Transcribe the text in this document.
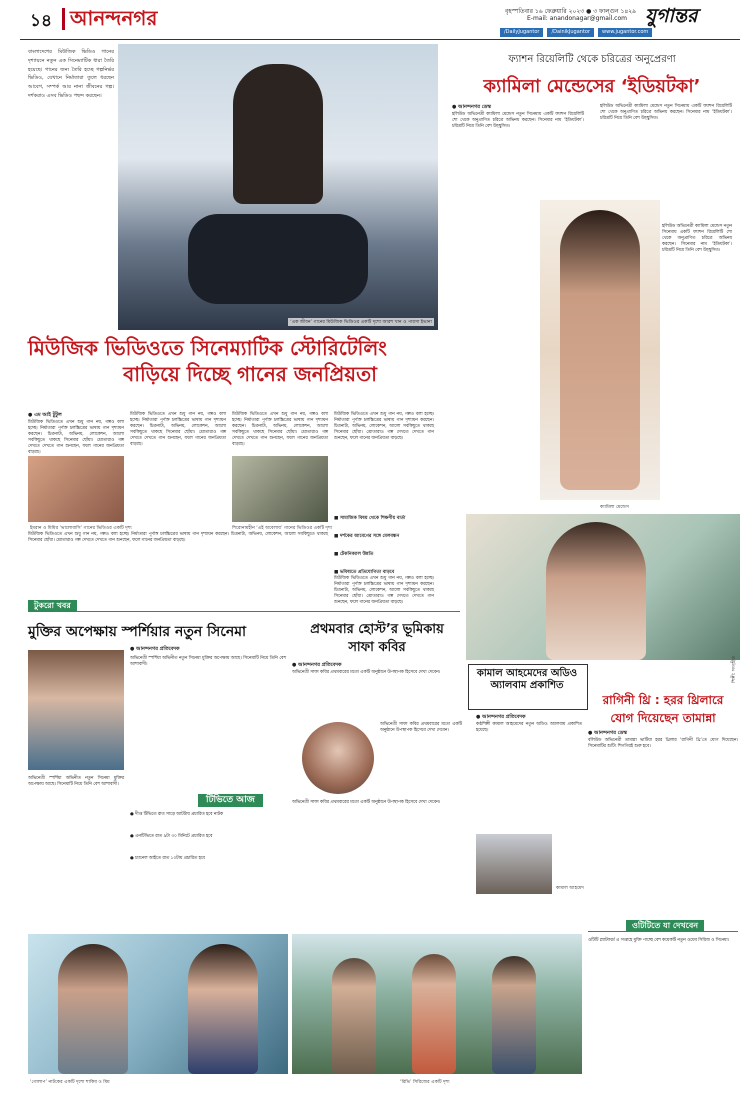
১৪ আনন্দনগর	বৃহস্পতিবার ১৬ ফেব্রুয়ারি ২০২৩ ● ৩ ফাল্গুন ১৪২৯
E-mail: anandonagar@gmail.com যুগান্তর
/DailyJugantor	/DainikJugantor	www.jugantor.com
বাংলাদেশের মিউজিক ভিডিও গানের দৃশ্যায়নে নতুন এক সিনেম্যাটিক ধারা তৈরি হয়েছে। গানের জন্য তৈরি হচ্ছে গল্পনির্ভর ভিডিও, যেখানে নির্মাতারা তুলে ধরছেন আবেগ, সম্পর্ক আর নানা জীবনের গল্প। দর্শকরাও এসব ভিডিও পছন্দ করছেন।
‘এক জীবন’ গানের মিউজিক ভিডিওর একটি দৃশ্যে আরশ খান ও পারসা ইভানা
মিউজিক ভিডিওতে সিনেম্যাটিক স্টোরিটেলিং
বাড়িয়ে দিচ্ছে গানের জনপ্রিয়তা
● এম আই টুটুল
মিউজিক ভিডিওতে এখন শুধু গান নয়, গল্পও বলা হচ্ছে। নির্মাতারা পূর্ণাঙ্গ চলচ্চিত্রের ভাষায় গান দৃশ্যায়ন করছেন। চিত্রনাট্য, অভিনয়, লোকেশন, আলো সবকিছুতে থাকছে সিনেমার ছোঁয়া। শ্রোতারাও গল্প দেখতে দেখতে গান শুনছেন, ফলে গানের জনপ্রিয়তা বাড়ছে।
মিউজিক ভিডিওতে এখন শুধু গান নয়, গল্পও বলা হচ্ছে। নির্মাতারা পূর্ণাঙ্গ চলচ্চিত্রের ভাষায় গান দৃশ্যায়ন করছেন। চিত্রনাট্য, অভিনয়, লোকেশন, আলো সবকিছুতে থাকছে সিনেমার ছোঁয়া। শ্রোতারাও গল্প দেখতে দেখতে গান শুনছেন, ফলে গানের জনপ্রিয়তা বাড়ছে।
মিউজিক ভিডিওতে এখন শুধু গান নয়, গল্পও বলা হচ্ছে। নির্মাতারা পূর্ণাঙ্গ চলচ্চিত্রের ভাষায় গান দৃশ্যায়ন করছেন। চিত্রনাট্য, অভিনয়, লোকেশন, আলো সবকিছুতে থাকছে সিনেমার ছোঁয়া। শ্রোতারাও গল্প দেখতে দেখতে গান শুনছেন, ফলে গানের জনপ্রিয়তা বাড়ছে।
মিউজিক ভিডিওতে এখন শুধু গান নয়, গল্পও বলা হচ্ছে। নির্মাতারা পূর্ণাঙ্গ চলচ্চিত্রের ভাষায় গান দৃশ্যায়ন করছেন। চিত্রনাট্য, অভিনয়, লোকেশন, আলো সবকিছুতে থাকছে সিনেমার ছোঁয়া। শ্রোতারাও গল্প দেখতে দেখতে গান শুনছেন, ফলে গানের জনপ্রিয়তা বাড়ছে।
ইমরান ও মিমির ‘ভালোবাসি’ গানের ভিডিওর একটি দৃশ্য	শিরোনামহীন ‘এই অবেলায়’ গানের ভিডিওর একটি দৃশ্য
মিউজিক ভিডিওতে এখন শুধু গান নয়, গল্পও বলা হচ্ছে। নির্মাতারা পূর্ণাঙ্গ চলচ্চিত্রের ভাষায় গান দৃশ্যায়ন করছেন। চিত্রনাট্য, অভিনয়, লোকেশন, আলো সবকিছুতে থাকছে সিনেমার ছোঁয়া। শ্রোতারাও গল্প দেখতে দেখতে গান শুনছেন, ফলে গানের জনপ্রিয়তা বাড়ছে।
■ সামাজিক বিষয় থেকে শিক্ষণীয় বার্তা
■ দর্শকের আবেগের সঙ্গে মেলবন্ধন
■ টেকনিক্যাল উন্নতি
■ ভবিষ্যতে প্রতিযোগিতা বাড়বে
মিউজিক ভিডিওতে এখন শুধু গান নয়, গল্পও বলা হচ্ছে। নির্মাতারা পূর্ণাঙ্গ চলচ্চিত্রের ভাষায় গান দৃশ্যায়ন করছেন। চিত্রনাট্য, অভিনয়, লোকেশন, আলো সবকিছুতে থাকছে সিনেমার ছোঁয়া। শ্রোতারাও গল্প দেখতে দেখতে গান শুনছেন, ফলে গানের জনপ্রিয়তা বাড়ছে।
ফ্যাশন রিয়েলিটি থেকে চরিত্রের অনুপ্রেরণা
ক্যামিলা মেন্ডেসের ‘ইডিয়টকা’
● আনন্দনগর ডেস্ক
হলিউড অভিনেত্রী ক্যামিলা মেন্ডেস নতুন সিনেমায় একটি ফ্যাশন রিয়েলিটি শো থেকে অনুপ্রাণিত চরিত্রে অভিনয় করছেন। সিনেমার নাম ‘ইডিয়টকা’। চরিত্রটি নিয়ে তিনি বেশ উচ্ছ্বসিত।
হলিউড অভিনেত্রী ক্যামিলা মেন্ডেস নতুন সিনেমায় একটি ফ্যাশন রিয়েলিটি শো থেকে অনুপ্রাণিত চরিত্রে অভিনয় করছেন। সিনেমার নাম ‘ইডিয়টকা’। চরিত্রটি নিয়ে তিনি বেশ উচ্ছ্বসিত।
ক্যামিলা মেন্ডেস
হলিউড অভিনেত্রী ক্যামিলা মেন্ডেস নতুন সিনেমায় একটি ফ্যাশন রিয়েলিটি শো থেকে অনুপ্রাণিত চরিত্রে অভিনয় করছেন। সিনেমার নাম ‘ইডিয়টকা’। চরিত্রটি নিয়ে তিনি বেশ উচ্ছ্বসিত।
শিল্পী: সংগৃহীত
টুকরো খবর
মুক্তির অপেক্ষায় স্পর্শিয়ার নতুন সিনেমা
● আনন্দনগর প্রতিবেদক
অভিনেত্রী স্পর্শিয়া অভিনীত নতুন সিনেমা মুক্তির অপেক্ষায় আছে। সিনেমাটি নিয়ে তিনি বেশ আশাবাদী।
টিভিতে আজ
● দীপ্ত টিভিতে রাত সাড়ে আটটায় প্রচারিত হবে নাটক
● এনটিভিতে রাত ৯টা ৩০ মিনিটে প্রচারিত হবে
● চ্যানেল আইতে রাত ১০টায় প্রচারিত হবে
অভিনেত্রী স্পর্শিয়া অভিনীত নতুন সিনেমা মুক্তির অপেক্ষায় আছে। সিনেমাটি নিয়ে তিনি বেশ আশাবাদী।
প্রথমবার হোস্ট’র ভূমিকায়
সাফা কবির
● আনন্দনগর প্রতিবেদক
অভিনেত্রী সাফা কবির প্রথমবারের মতো একটি অনুষ্ঠানে উপস্থাপক হিসেবে দেখা দেবেন।
অভিনেত্রী সাফা কবির প্রথমবারের মতো একটি অনুষ্ঠানে উপস্থাপক হিসেবে দেখা দেবেন।
অভিনেত্রী সাফা কবির প্রথমবারের মতো একটি অনুষ্ঠানে উপস্থাপক হিসেবে দেখা দেবেন।
কামাল আহমেদের অডিও অ্যালবাম প্রকাশিত
● আনন্দনগর প্রতিবেদক
কণ্ঠশিল্পী কামাল আহমেদের নতুন অডিও অ্যালবাম প্রকাশিত হয়েছে।
কামাল আহমেদ
রাগিনী থ্রি : হরর থ্রিলারে
যোগ দিয়েছেন তামান্না
● আনন্দনগর ডেস্ক
বলিউড অভিনেত্রী তামান্না ভাটিয়া হরর থ্রিলার ‘রাগিনী থ্রি’তে যোগ দিয়েছেন। সিনেমাটির শুটিং শিগগিরই শুরু হবে।
ওটিটিতে যা দেখবেন
ওটিটি প্ল্যাটফর্মে এ সপ্তাহে মুক্তি পাচ্ছে বেশ কয়েকটি নতুন ওয়েব সিরিজ ও সিনেমা।
‘গোলাপ’ নাটকের একটি দৃশ্যে শাকিব ও মিম	‘রিভি’ সিরিজের একটি দৃশ্য
